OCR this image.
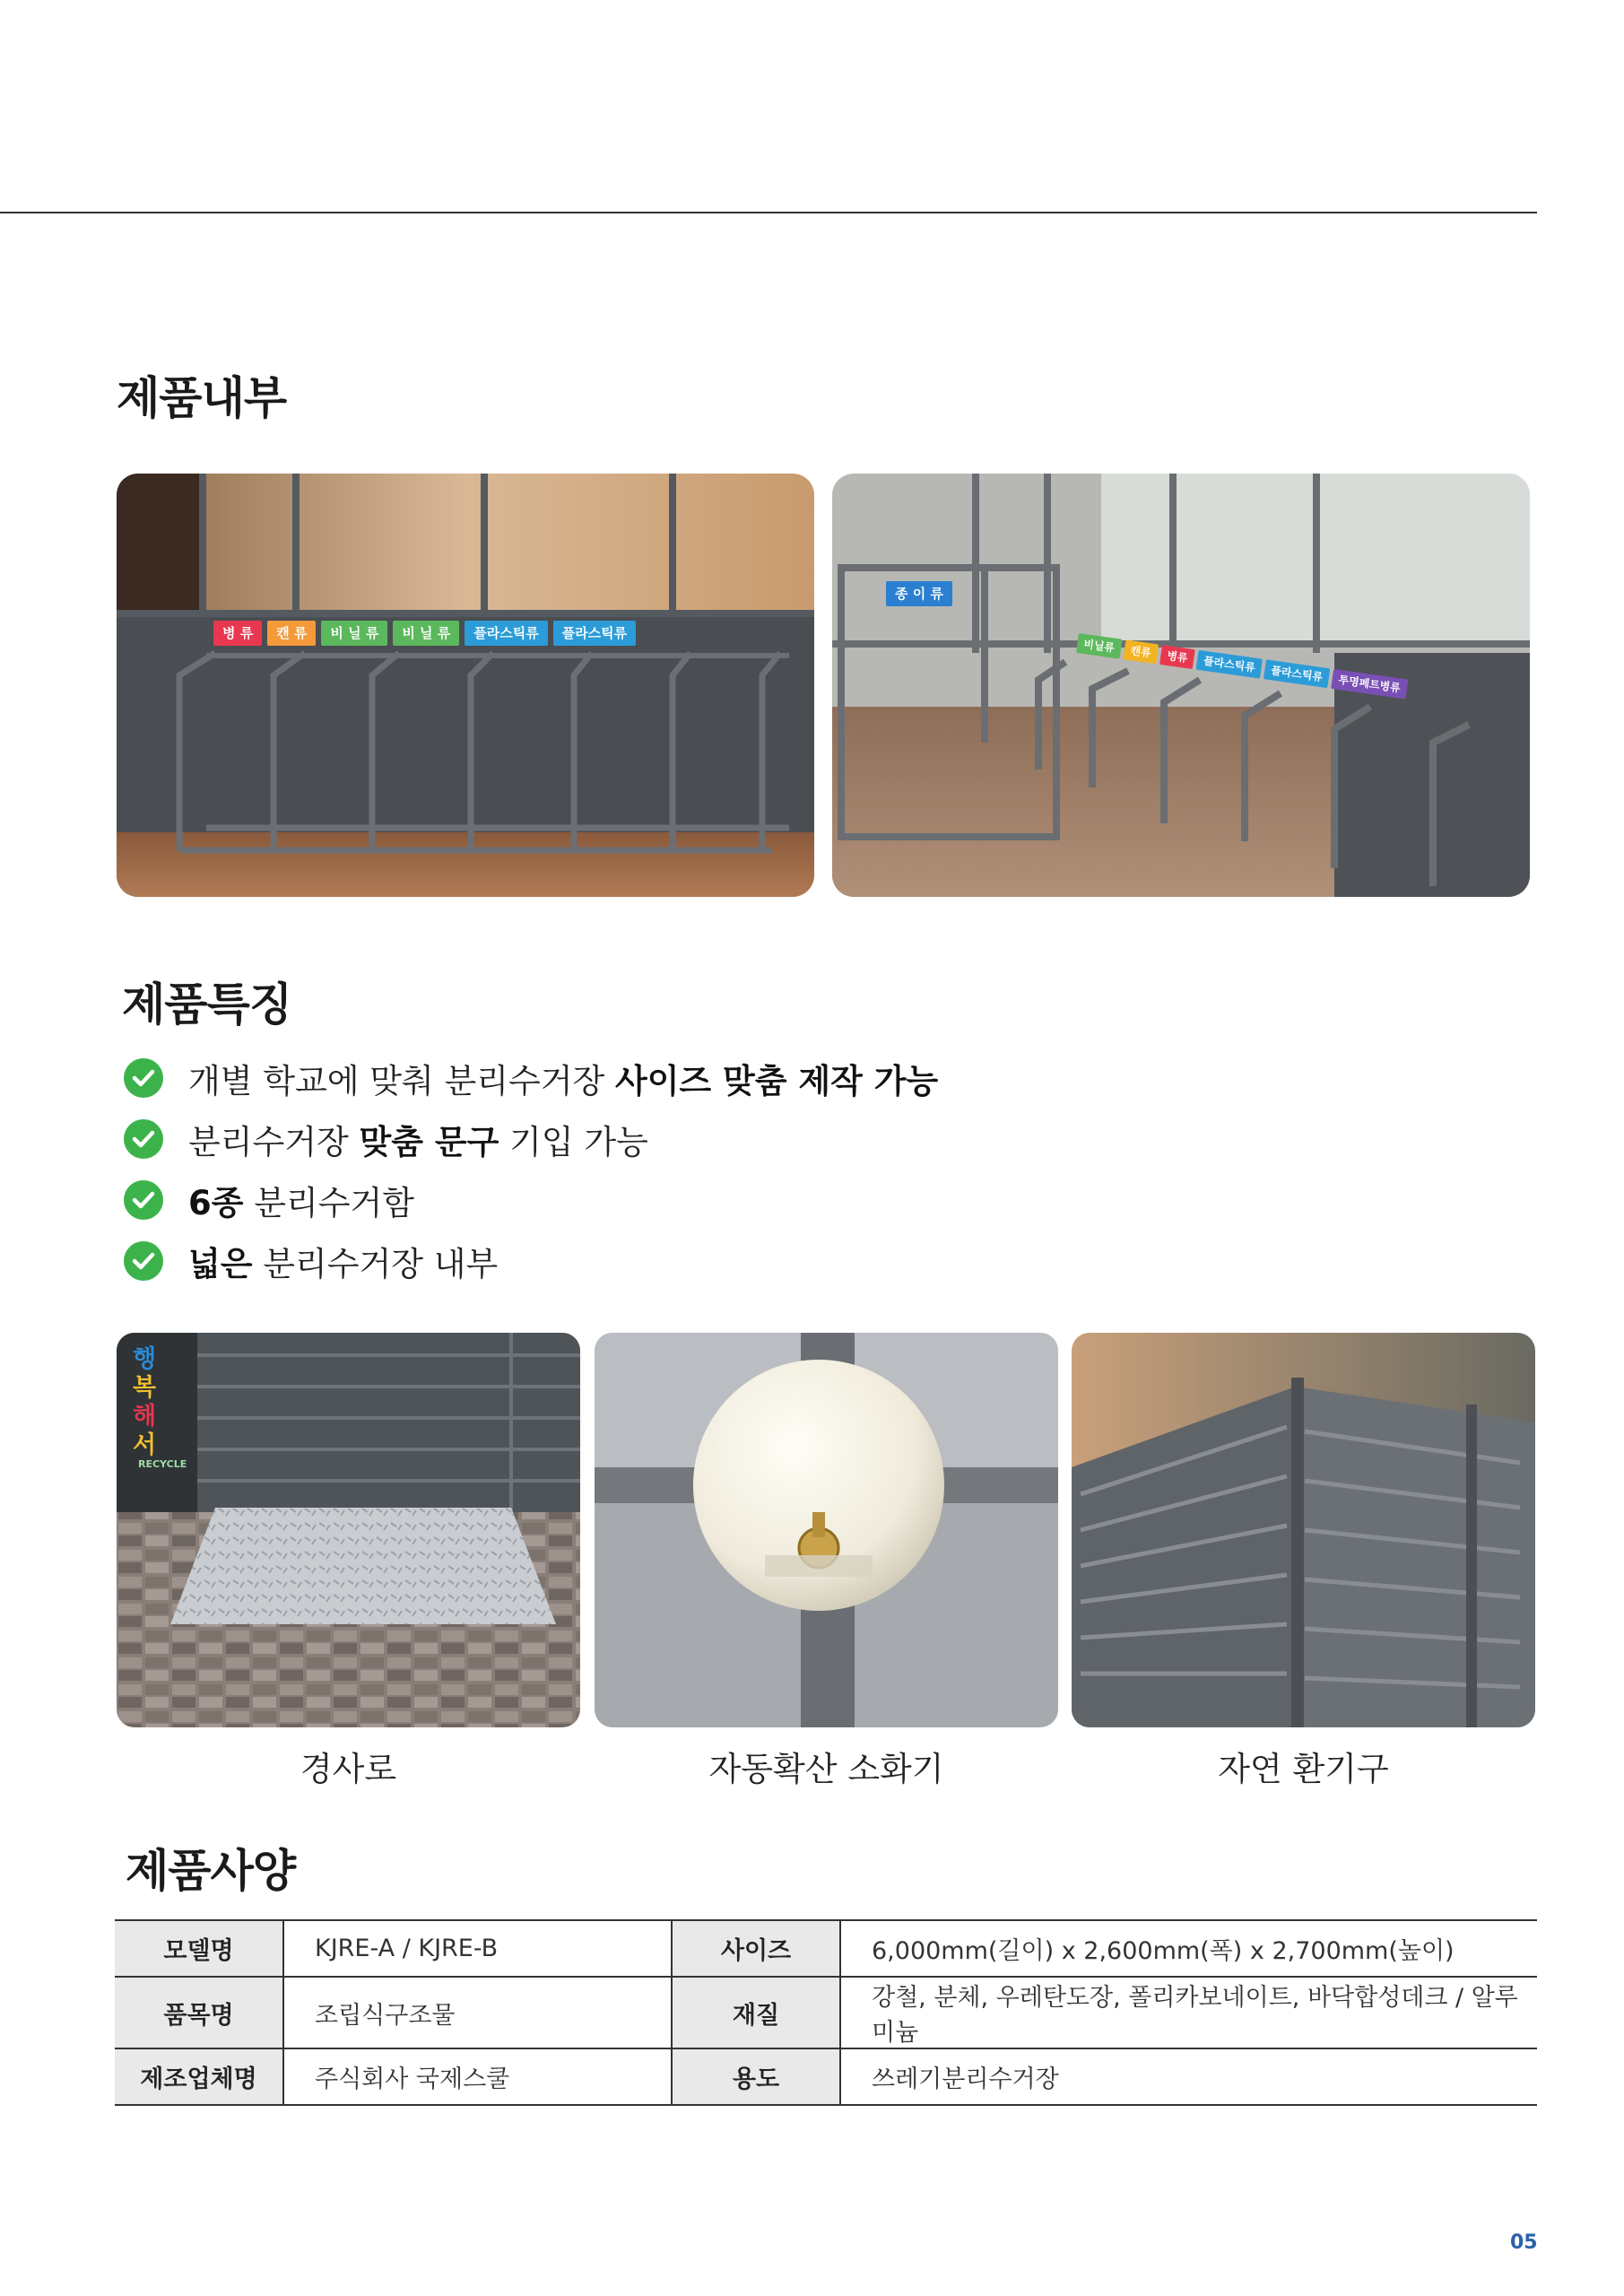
제품내부
병 류	캔 류	비 닐 류	비 닐 류	플라스틱류	플라스틱류
종 이 류
비닐류	캔류	병류	플라스틱류	플라스틱류	투명페트병류
제품특징
개별 학교에 맞춰 분리수거장 사이즈 맞춤 제작 가능
분리수거장 맞춤 문구 기입 가능
6종 분리수거함
넓은 분리수거장 내부
행
복
해
서
RECYCLE
경사로	자동확산 소화기	자연 환기구
제품사양
모델명	KJRE-A / KJRE-B	사이즈	6,000mm(길이) x 2,600mm(폭) x 2,700mm(높이)
품목명	조립식구조물	재질	강철, 분체, 우레탄도장, 폴리카보네이트, 바닥합성데크 / 알루미늄
제조업체명	주식회사 국제스쿨	용도	쓰레기분리수거장
05
